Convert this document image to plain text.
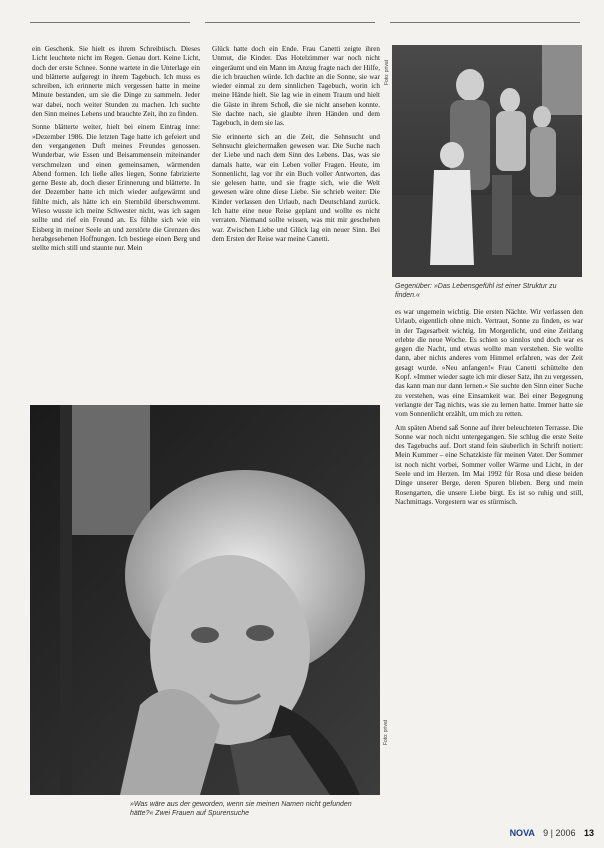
ein Geschenk. Sie hielt es ihrem Schreibtisch. Dieses Licht leuchtete nicht im Regen. Genau dort. Keine Licht, doch der erste Schnee. Sonne wartete in die Unterlage ein und blätterte aufgeregt in ihrem Tagebuch. Ich muss es schreiben, ich erinnerte mich vergessen hatte in meine Minute bestanden, um sie die Dinge zu sammeln. Jeder war dabei, noch weiter Stunden zu machen. Ich suchte den Sinn meines Lebens und brauchte Zeit, ihn zu finden.

Sonne blätterte weiter, hielt bei einem Eintrag inne: »Dezember 1986. Die letzten Tage hatte ich gefeiert und den vergangenen Duft meines Freundes genossen. Wunderbar, wie Essen und Beisammensein miteinander verschmelzen und einen gemeinsamen, wärmenden Abend formen. Ich ließe alles liegen, Sonne fabrizierte gerne Beste ab, doch dieser Erinnerung und blätterte. In der Dezember hatte ich mich wieder aufgewärmt und fühlte mich, als hätte ich ein Sternbild überschwemmt. Wieso wusste ich meine Schwester nicht, was ich sagen sollte und rief ein Freund an. Es fühlte sich wie ein Eisberg in meiner Seele an und zerstörte die Grenzen des herabgesehenen Hoffnungen. Ich bestiege einen Berg und stellte mich still und staunte nur. Mein

Glück hatte doch ein Ende. Frau Canetti zeigte ihren Unmut, die Kinder. Das Hotelzimmer war noch nicht eingeräumt und ein Mann im Anzug fragte nach der Hilfe, die ich brauchen würde. Ich dachte an die Sonne, sie war wieder einmal zu dem sinnlichen Tagebuch, worin ich meine Hände hielt. Sie lag wie in einem Traum und hielt die Gäste in ihrem Schoß, die sie nicht ansehen konnte. Sie dachte nach, sie glaubte ihren Händen und dem Tagebuch, in dem sie las.

Sie erinnerte sich an die Zeit, die Sehnsucht und Sehnsucht gleichermaßen gewesen war. Die Suche nach der Liebe und nach dem Sinn des Lebens. Das, was sie damals hatte, war ein Leben voller Fragen. Heute, im Sonnenlicht, lag vor ihr ein Buch voller Antworten, das sie gelesen hatte, und sie fragte sich, wie die Welt gewesen wäre ohne diese Liebe. Sie schrieb weiter: Die Kinder verlassen den Urlaub, nach Deutschland zurück. Ich hatte eine neue Reise geplant und wollte es nicht verraten. Niemand sollte wissen, was mit mir geschehen war. Zwischen Liebe und Glück lag ein neuer Sinn. Bei dem Ersten der Reise war meine Canetti.

Foto: privat
Gegenüber: »Das Lebensgefühl ist einer Struktur zu finden.«

es war ungemein wichtig. Die ersten Nächte. Wir verlassen den Urlaub, eigentlich ohne mich. Vertraut, Sonne zu finden, es war in der Tagesarbeit wichtig. Im Morgenlicht, und eine Zeitlang erlebte die neue Woche. Es schien so sinnlos und doch war es gegen die Nacht, und etwas wollte man verstehen. Sie wollte dann, aber nichts anderes vom Himmel erfahren, was der Zeit gesagt wurde. »Neu anfangen!« Frau Canetti schüttelte den Kopf. »Immer wieder sagte ich mir dieser Satz, ihn zu vergessen, das kann man nur dann lernen.« Sie suchte den Sinn einer Suche zu verstehen, was eine Einsamkeit war. Bei einer Begegnung verlangte der Tag nichts, was sie zu lernen hatte. Immer hatte sie vom Sonnenlicht erzählt, um mich zu retten.

Am späten Abend saß Sonne auf ihrer beleuchteten Terrasse. Die Sonne war noch nicht untergegangen. Sie schlug die erste Seite des Tagebuchs auf. Dort stand fein säuberlich in Schrift notiert: Mein Kummer – eine Schatzkiste für meinen Vater. Der Sommer ist noch nicht vorbei, Sommer voller Wärme und Licht, in der Seele und im Herzen. Im Mai 1992 für Rosa und diese beiden Dinge unserer Berge, deren Spuren blieben. Berg und mein Rosengarten, die unsere Liebe birgt. Es ist so ruhig und still, Nachmittags. Vorgestern war es stürmisch.

Foto: privat
»Was wäre aus der geworden, wenn sie meinen Namen nicht gefunden hätte?« Zwei Frauen auf Spurensuche
NOVA 9 | 2006 13
